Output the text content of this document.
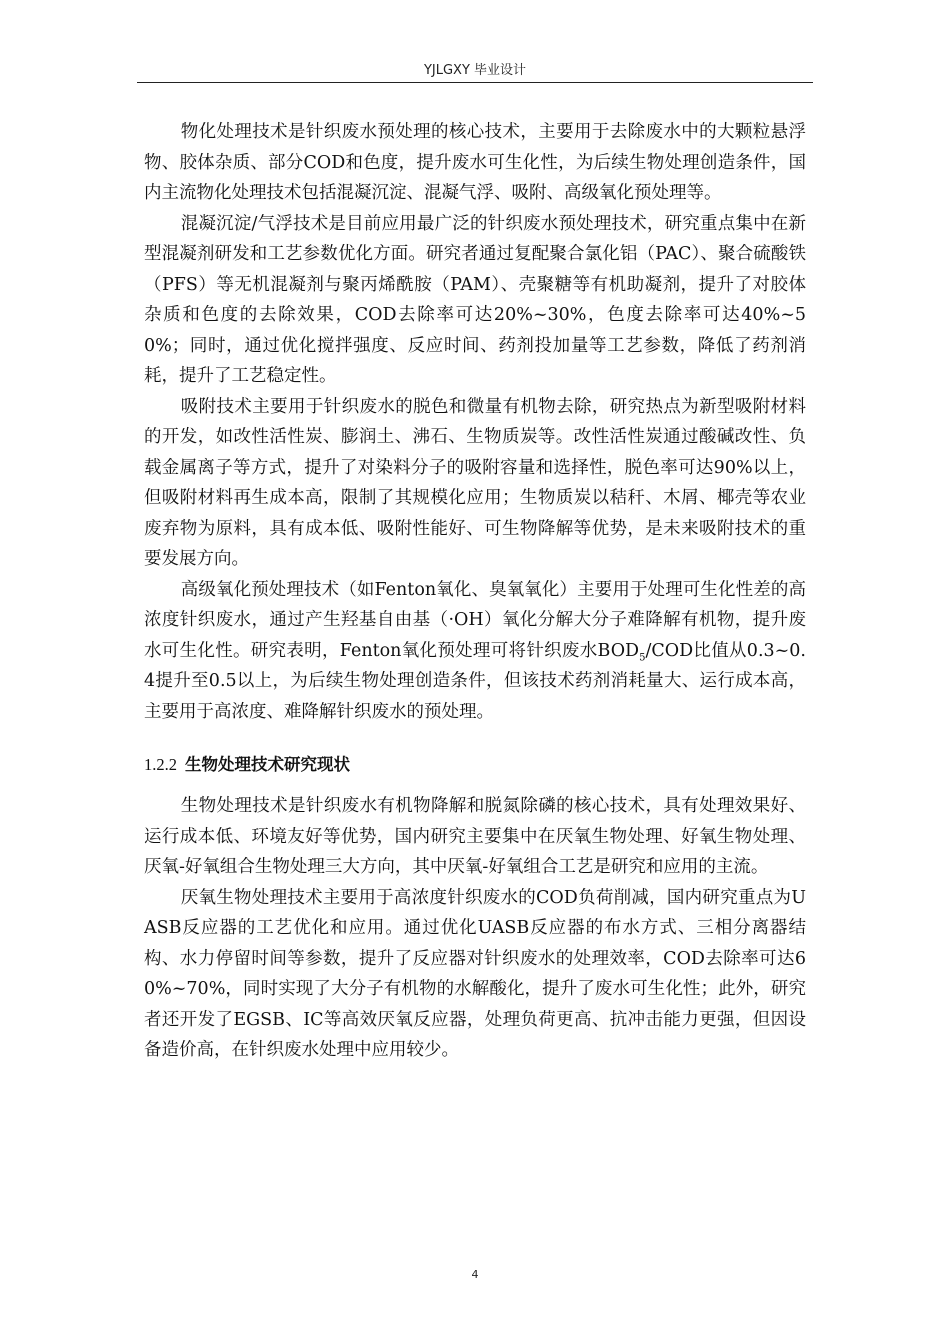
YJLGXY 毕业设计

物化处理技术是针织废水预处理的核心技术，主要用于去除废水中的大颗粒悬浮物、胶体杂质、部分COD和色度，提升废水可生化性，为后续生物处理创造条件，国内主流物化处理技术包括混凝沉淀、混凝气浮、吸附、高级氧化预处理等。

混凝沉淀/气浮技术是目前应用最广泛的针织废水预处理技术，研究重点集中在新型混凝剂研发和工艺参数优化方面。研究者通过复配聚合氯化铝（PAC）、聚合硫酸铁（PFS）等无机混凝剂与聚丙烯酰胺（PAM）、壳聚糖等有机助凝剂，提升了对胶体杂质和色度的去除效果，COD去除率可达20%~30%，色度去除率可达40%~50%；同时，通过优化搅拌强度、反应时间、药剂投加量等工艺参数，降低了药剂消耗，提升了工艺稳定性。

吸附技术主要用于针织废水的脱色和微量有机物去除，研究热点为新型吸附材料的开发，如改性活性炭、膨润土、沸石、生物质炭等。改性活性炭通过酸碱改性、负载金属离子等方式，提升了对染料分子的吸附容量和选择性，脱色率可达90%以上，但吸附材料再生成本高，限制了其规模化应用；生物质炭以秸秆、木屑、椰壳等农业废弃物为原料，具有成本低、吸附性能好、可生物降解等优势，是未来吸附技术的重要发展方向。

高级氧化预处理技术（如Fenton氧化、臭氧氧化）主要用于处理可生化性差的高浓度针织废水，通过产生羟基自由基（·OH）氧化分解大分子难降解有机物，提升废水可生化性。研究表明，Fenton氧化预处理可将针织废水$BOD_5$/COD比值从0.3~0.4提升至0.5以上，为后续生物处理创造条件，但该技术药剂消耗量大、运行成本高，主要用于高浓度、难降解针织废水的预处理。

1.2.2 生物处理技术研究现状

生物处理技术是针织废水有机物降解和脱氮除磷的核心技术，具有处理效果好、运行成本低、环境友好等优势，国内研究主要集中在厌氧生物处理、好氧生物处理、厌氧-好氧组合生物处理三大方向，其中厌氧-好氧组合工艺是研究和应用的主流。

厌氧生物处理技术主要用于高浓度针织废水的COD负荷削减，国内研究重点为UASB反应器的工艺优化和应用。通过优化UASB反应器的布水方式、三相分离器结构、水力停留时间等参数，提升了反应器对针织废水的处理效率，COD去除率可达60%~70%，同时实现了大分子有机物的水解酸化，提升了废水可生化性；此外，研究者还开发了EGSB、IC等高效厌氧反应器，处理负荷更高、抗冲击能力更强，但因设备造价高，在针织废水处理中应用较少。

4
